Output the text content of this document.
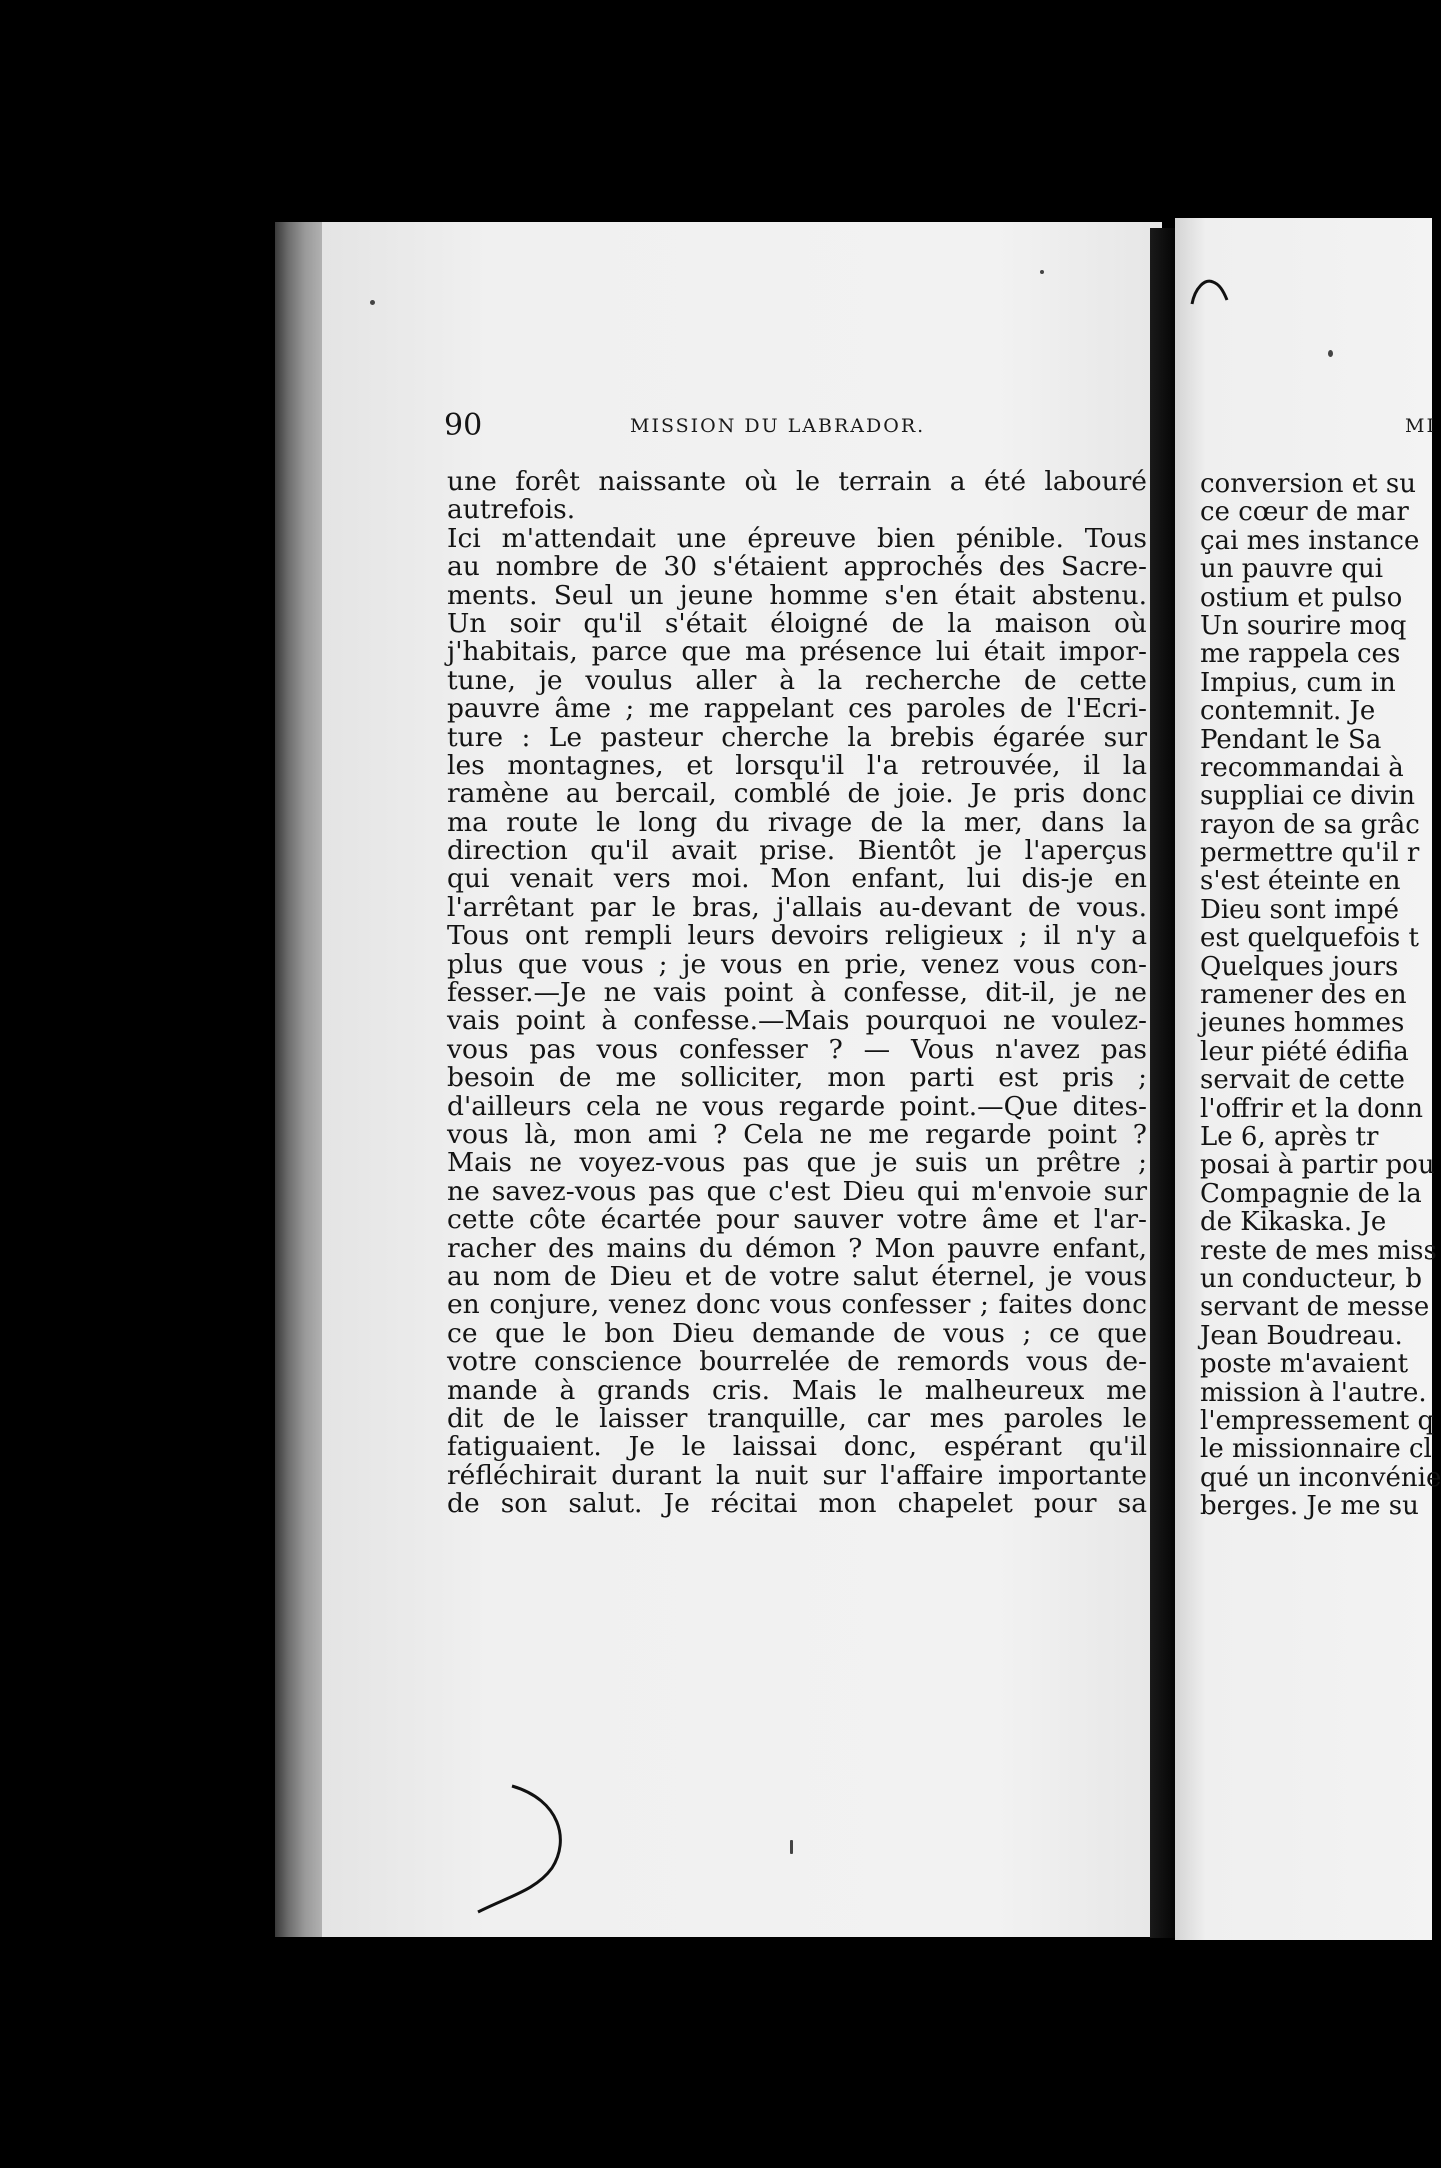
MI
conversion et su
ce cœur de mar
çai mes instance
un pauvre qui
ostium et pulso
Un sourire moq
me rappela ces
Impius, cum in
contemnit. Je
Pendant le Sa
recommandai à
suppliai ce divin
rayon de sa grâc
permettre qu'il r
s'est éteinte en
Dieu sont impé
est quelquefois t
Quelques jours
ramener des en
jeunes hommes
leur piété édifia
servait de cette
l'offrir et la donn
Le 6, après tr
posai à partir pou
Compagnie de la
de Kikaska. Je
reste de mes miss
un conducteur, b
servant de messe
Jean Boudreau.
poste m'avaient
mission à l'autre.
l'empressement q
le missionnaire cl
qué un inconvénie
berges. Je me su
90	MISSION DU LABRADOR.
une forêt naissante où le terrain a été labouré
autrefois.
Ici m'attendait une épreuve bien pénible. Tous
au nombre de 30 s'étaient approchés des Sacre-
ments. Seul un jeune homme s'en était abstenu.
Un soir qu'il s'était éloigné de la maison où
j'habitais, parce que ma présence lui était impor-
tune, je voulus aller à la recherche de cette
pauvre âme ; me rappelant ces paroles de l'Ecri-
ture : Le pasteur cherche la brebis égarée sur
les montagnes, et lorsqu'il l'a retrouvée, il la
ramène au bercail, comblé de joie. Je pris donc
ma route le long du rivage de la mer, dans la
direction qu'il avait prise. Bientôt je l'aperçus
qui venait vers moi. Mon enfant, lui dis-je en
l'arrêtant par le bras, j'allais au-devant de vous.
Tous ont rempli leurs devoirs religieux ; il n'y a
plus que vous ; je vous en prie, venez vous con-
fesser.—Je ne vais point à confesse, dit-il, je ne
vais point à confesse.—Mais pourquoi ne voulez-
vous pas vous confesser ? — Vous n'avez pas
besoin de me solliciter, mon parti est pris ;
d'ailleurs cela ne vous regarde point.—Que dites-
vous là, mon ami ? Cela ne me regarde point ?
Mais ne voyez-vous pas que je suis un prêtre ;
ne savez-vous pas que c'est Dieu qui m'envoie sur
cette côte écartée pour sauver votre âme et l'ar-
racher des mains du démon ? Mon pauvre enfant,
au nom de Dieu et de votre salut éternel, je vous
en conjure, venez donc vous confesser ; faites donc
ce que le bon Dieu demande de vous ; ce que
votre conscience bourrelée de remords vous de-
mande à grands cris. Mais le malheureux me
dit de le laisser tranquille, car mes paroles le
fatiguaient. Je le laissai donc, espérant qu'il
réfléchirait durant la nuit sur l'affaire importante
de son salut. Je récitai mon chapelet pour sa
